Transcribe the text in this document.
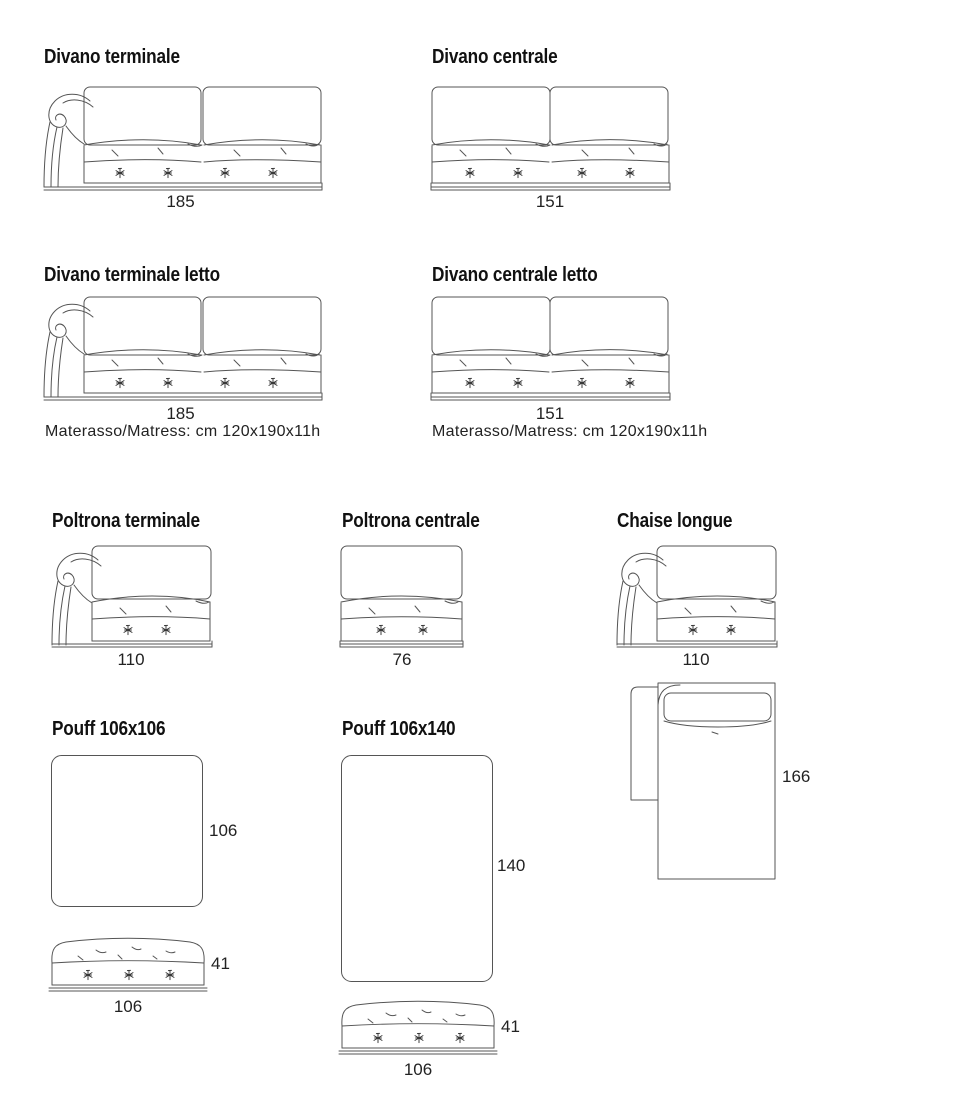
Divano terminale
185
Divano centrale
151
Divano terminale letto
185
Materasso/Matress: cm 120x190x11h
Divano centrale letto
151
Materasso/Matress: cm 120x190x11h
Poltrona terminale
110
Poltrona centrale
76
Chaise longue
110
166
Pouff 106x106
106
41
106
Pouff 106x140
140
41
106
